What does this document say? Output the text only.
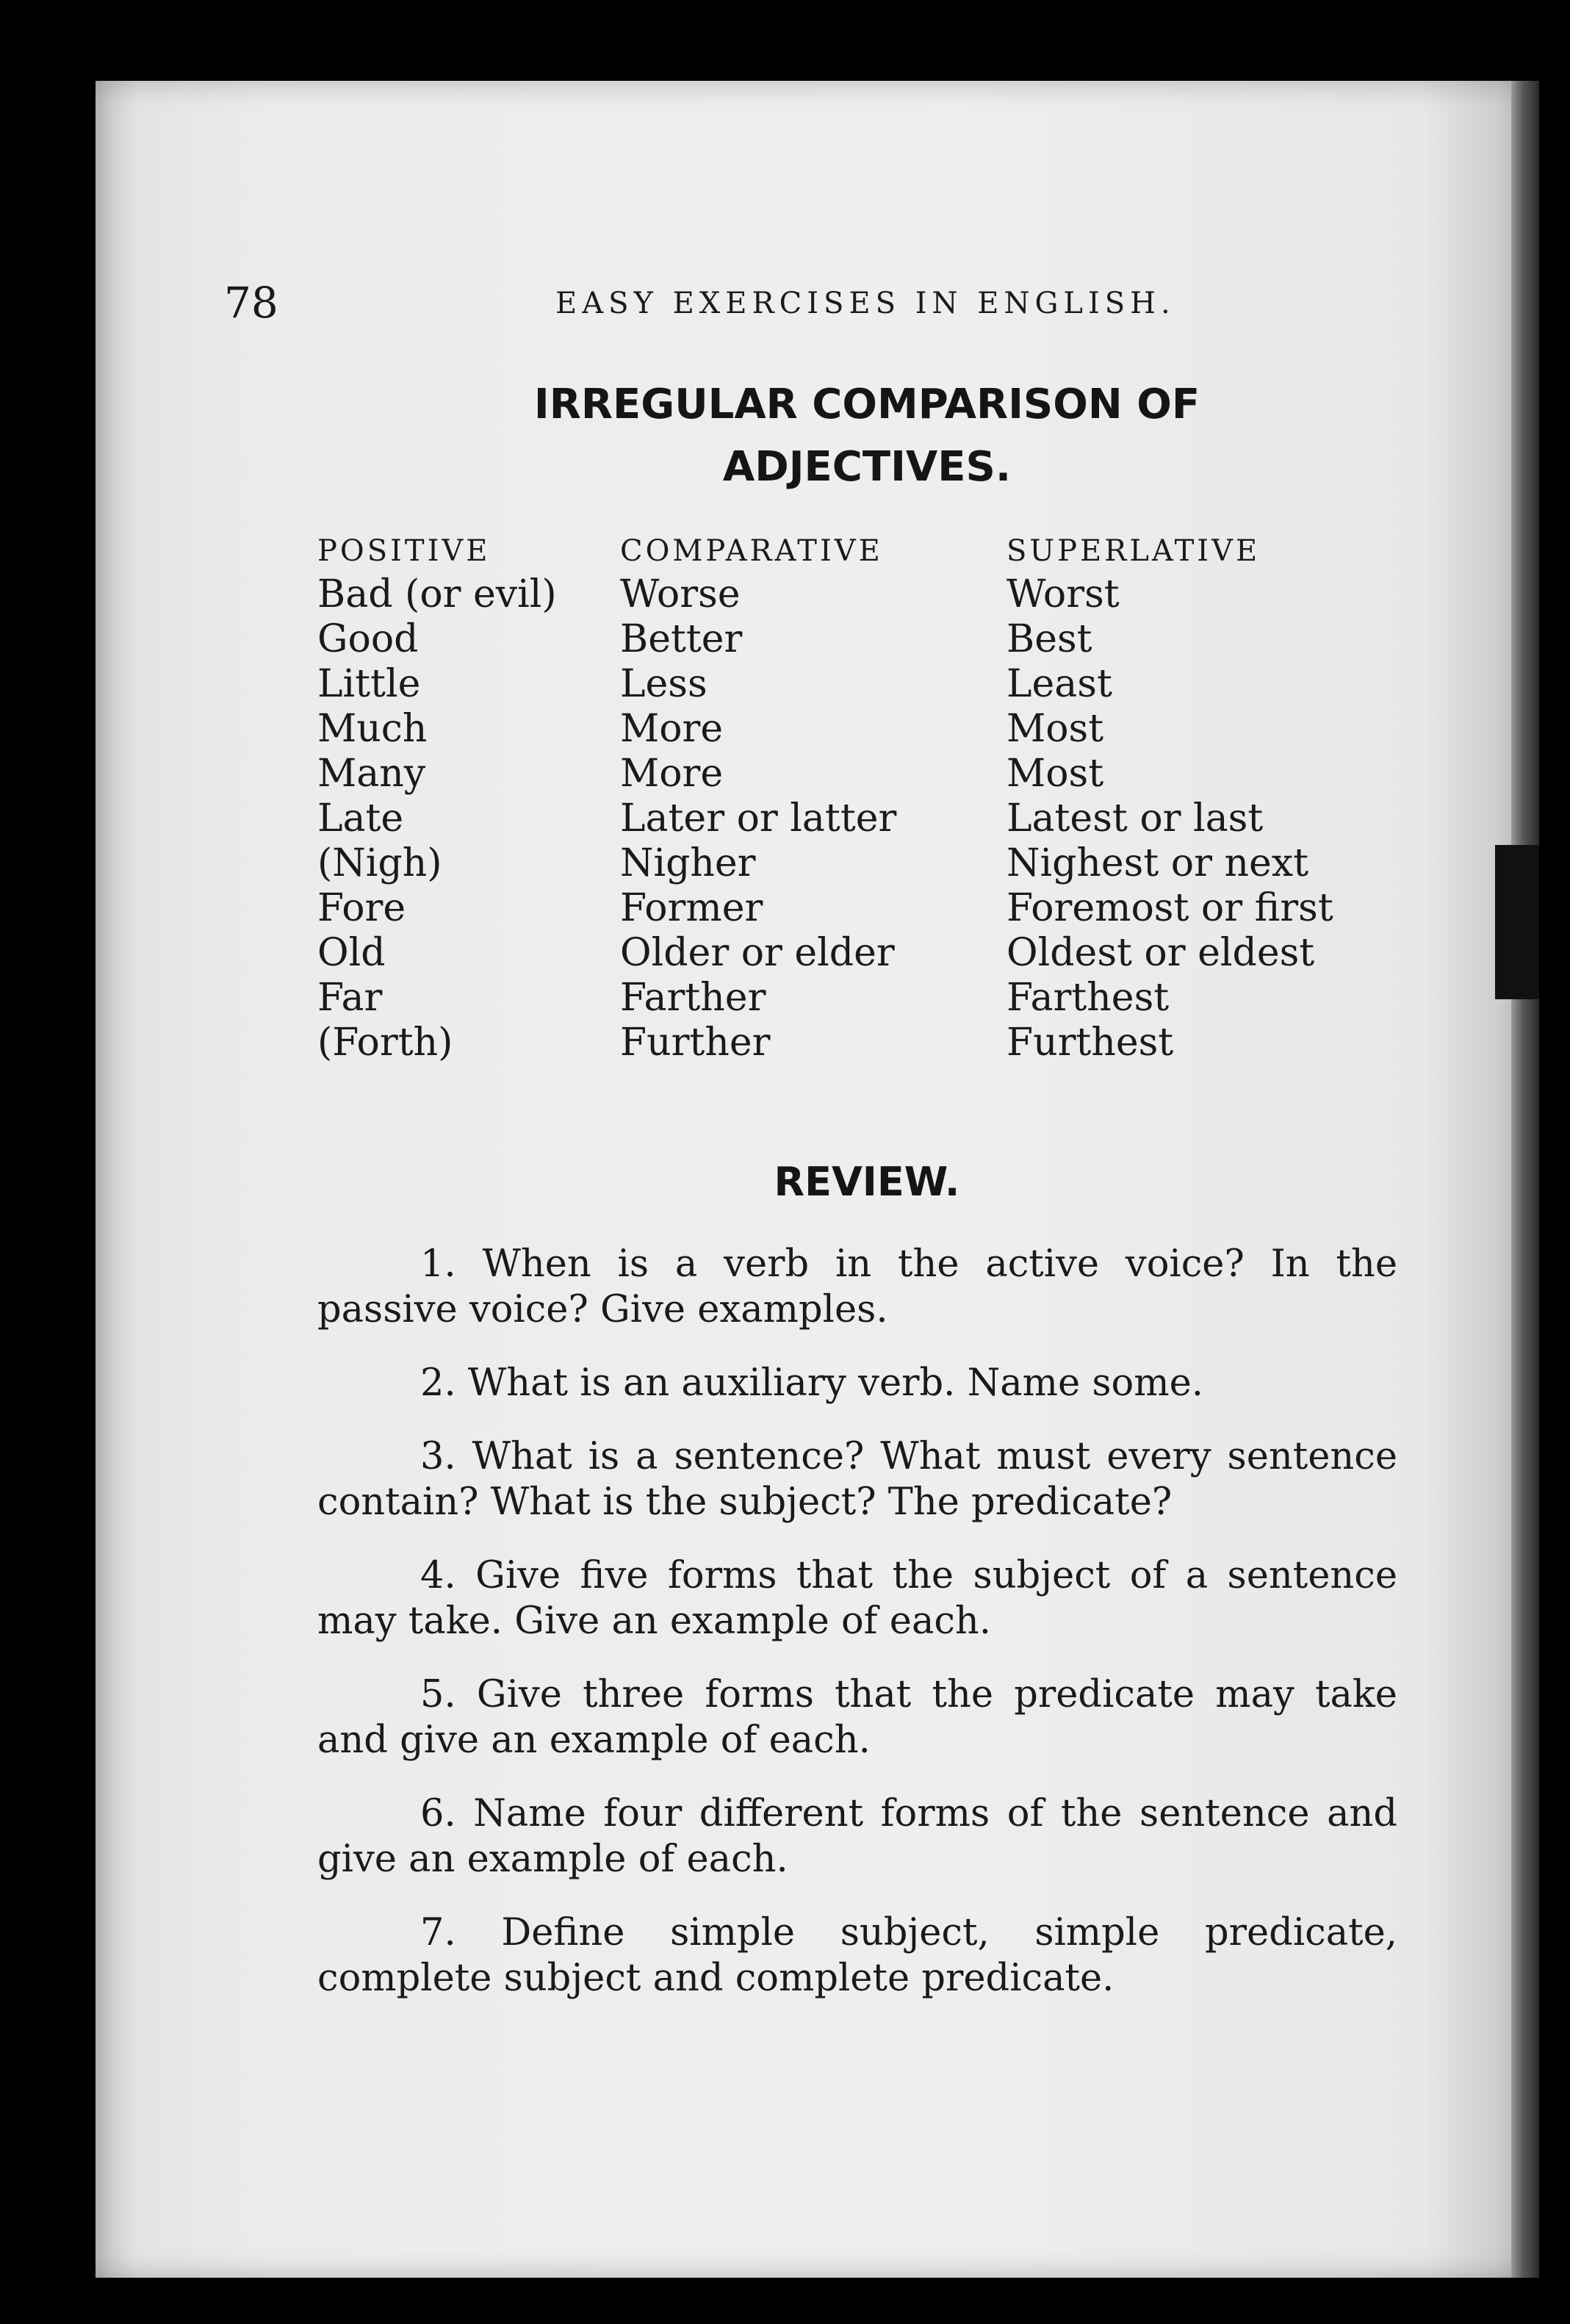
78	EASY EXERCISES IN ENGLISH.
IRREGULAR COMPARISON OF
ADJECTIVES.
POSITIVE
Bad (or evil)
Good
Little
Much
Many
Late
(Nigh)
Fore
Old
Far
(Forth)
COMPARATIVE
Worse
Better
Less
More
More
Later or latter
Nigher
Former
Older or elder
Farther
Further
SUPERLATIVE
Worst
Best
Least
Most
Most
Latest or last
Nighest or next
Foremost or first
Oldest or eldest
Farthest
Furthest
REVIEW.

1. When is a verb in the active voice? In the passive voice? Give examples.

2. What is an auxiliary verb. Name some.

3. What is a sentence? What must every sentence contain? What is the subject? The predicate?

4. Give five forms that the subject of a sentence may take. Give an example of each.

5. Give three forms that the predicate may take and give an example of each.

6. Name four different forms of the sentence and give an example of each.

7. Define simple subject, simple predicate, complete subject and complete predicate.
